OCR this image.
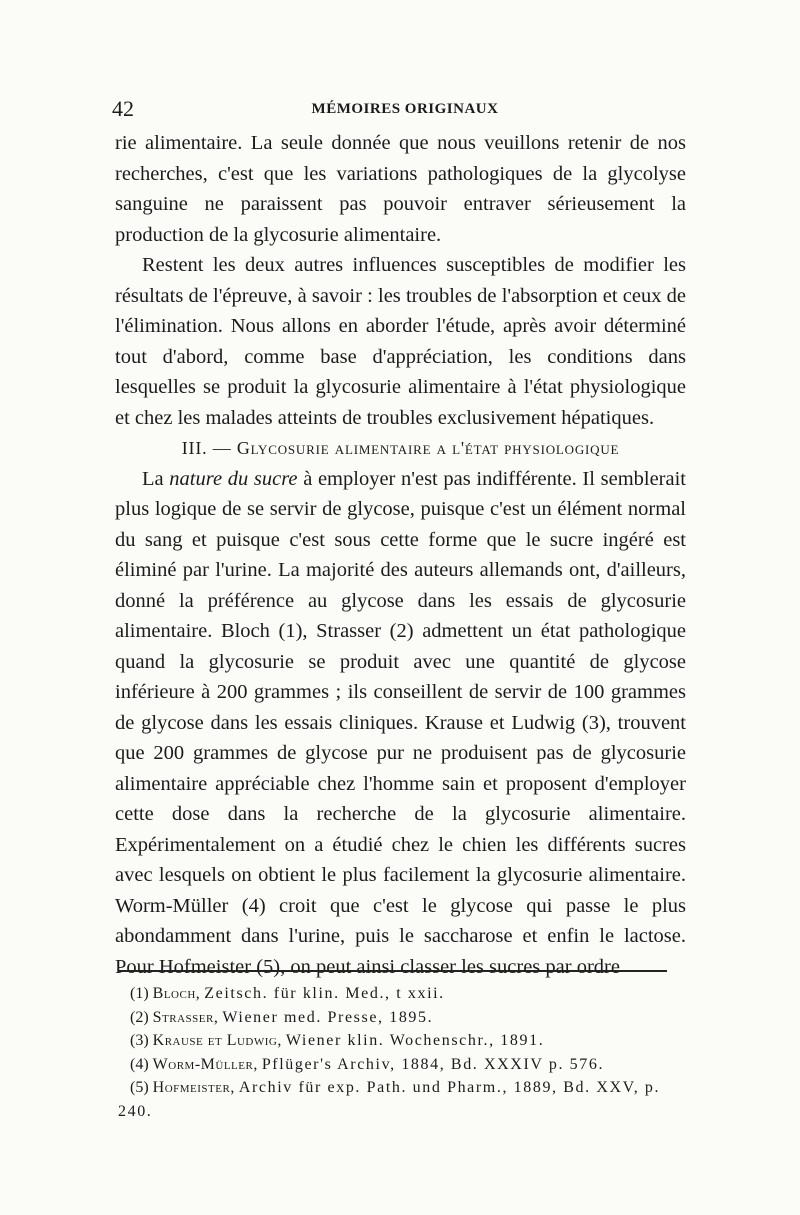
42	MÉMOIRES ORIGINAUX

rie alimentaire. La seule donnée que nous veuillons retenir de nos recherches, c'est que les variations pathologiques de la glycolyse sanguine ne paraissent pas pouvoir entraver sérieusement la production de la glycosurie alimentaire.

Restent les deux autres influences susceptibles de modifier les résultats de l'épreuve, à savoir : les troubles de l'absorption et ceux de l'élimination. Nous allons en aborder l'étude, après avoir déterminé tout d'abord, comme base d'appréciation, les conditions dans lesquelles se produit la glycosurie alimentaire à l'état physiologique et chez les malades atteints de troubles exclusivement hépatiques.

III. — Glycosurie alimentaire a l'état physiologique

La nature du sucre à employer n'est pas indifférente. Il semblerait plus logique de se servir de glycose, puisque c'est un élément normal du sang et puisque c'est sous cette forme que le sucre ingéré est éliminé par l'urine. La majorité des auteurs allemands ont, d'ailleurs, donné la préférence au glycose dans les essais de glycosurie alimentaire. Bloch (1), Strasser (2) admettent un état pathologique quand la glycosurie se produit avec une quantité de glycose inférieure à 200 grammes ; ils conseillent de servir de 100 grammes de glycose dans les essais cliniques. Krause et Ludwig (3), trouvent que 200 grammes de glycose pur ne produisent pas de glycosurie alimentaire appréciable chez l'homme sain et proposent d'employer cette dose dans la recherche de la glycosurie alimentaire. Expérimentalement on a étudié chez le chien les différents sucres avec lesquels on obtient le plus facilement la glycosurie alimentaire. Worm-Müller (4) croit que c'est le glycose qui passe le plus abondamment dans l'urine, puis le saccharose et enfin le lactose. Pour Hofmeister (5), on peut ainsi classer les sucres par ordre

(1) Bloch, Zeitsch. für klin. Med., t xxii.

(2) Strasser, Wiener med. Presse, 1895.

(3) Krause et Ludwig, Wiener klin. Wochenschr., 1891.

(4) Worm-Müller, Pflüger's Archiv, 1884, Bd. XXXIV p. 576.

(5) Hofmeister, Archiv für exp. Path. und Pharm., 1889, Bd. XXV, p. 240.
